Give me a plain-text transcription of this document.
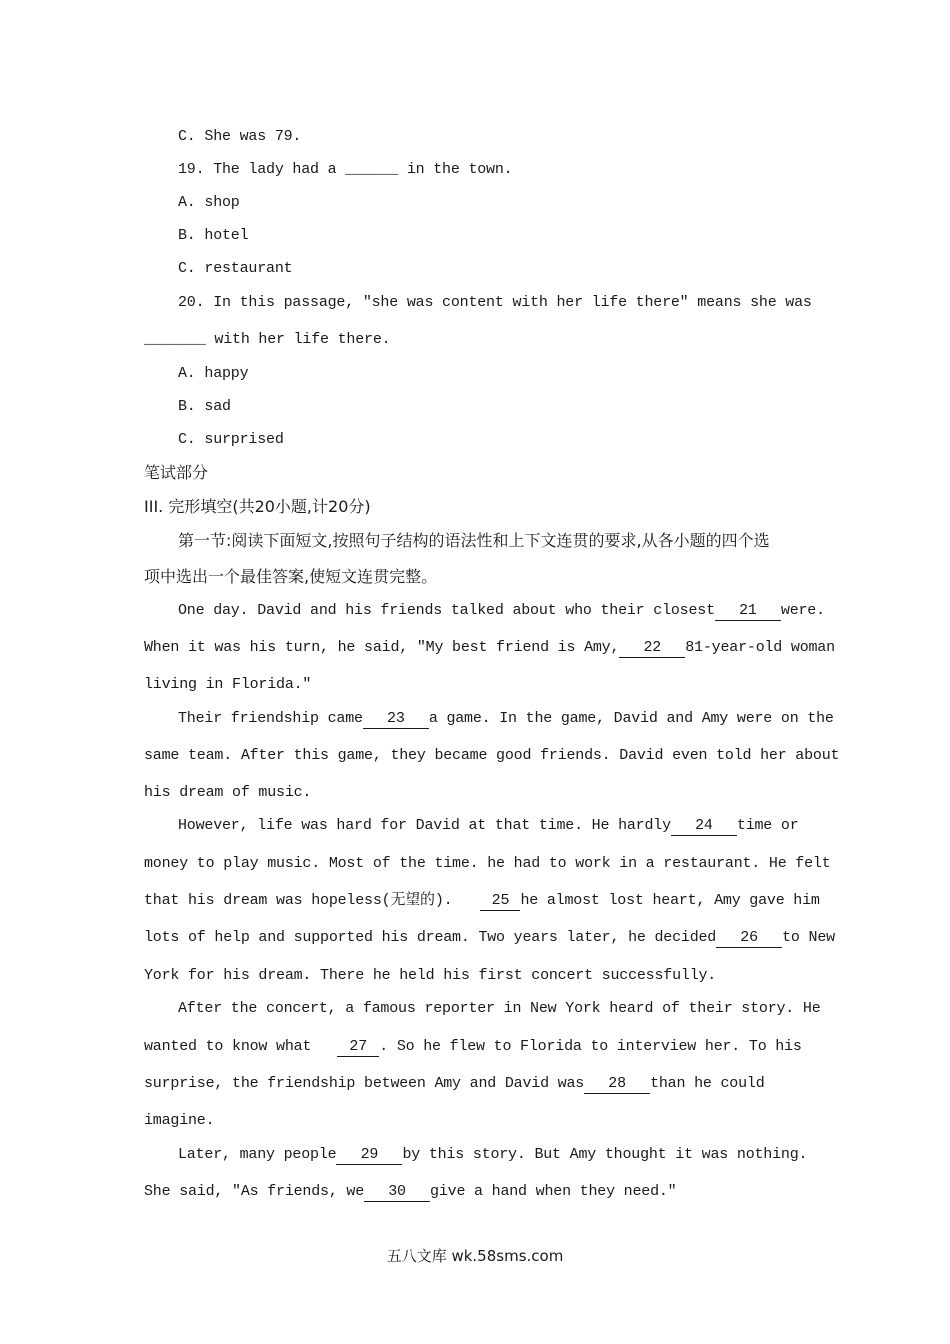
C. She was 79.
19. The lady had a ______ in the town.
A. shop
B. hotel
C. restaurant
20. In this passage, "she was content with her life there" means she was
_______ with her life there.
A. happy
B. sad
C. surprised
笔试部分
III. 完形填空(共20小题,计20分)
第一节:阅读下面短文,按照句子结构的语法性和上下文连贯的要求,从各小题的四个选
项中选出一个最佳答案,使短文连贯完整。
One day. David and his friends talked about who their closest 21 were.
When it was his turn, he said, "My best friend is Amy, 22 81-year-old woman
living in Florida."
Their friendship came 23 a game. In the game, David and Amy were on the
same team. After this game, they became good friends. David even told her about
his dream of music.
However, life was hard for David at that time. He hardly 24 time or
money to play music. Most of the time. he had to work in a restaurant. He felt
that his dream was hopeless(无望的).	25 he almost lost heart, Amy gave him
lots of help and supported his dream. Two years later, he decided 26 to New
York for his dream. There he held his first concert successfully.
After the concert, a famous reporter in New York heard of their story. He
wanted to know what	27 . So he flew to Florida to interview her. To his
surprise, the friendship between Amy and David was 28 than he could
imagine.
Later, many people 29 by this story. But Amy thought it was nothing.
She said, "As friends, we 30 give a hand when they need."
五八文库 wk.58sms.com
